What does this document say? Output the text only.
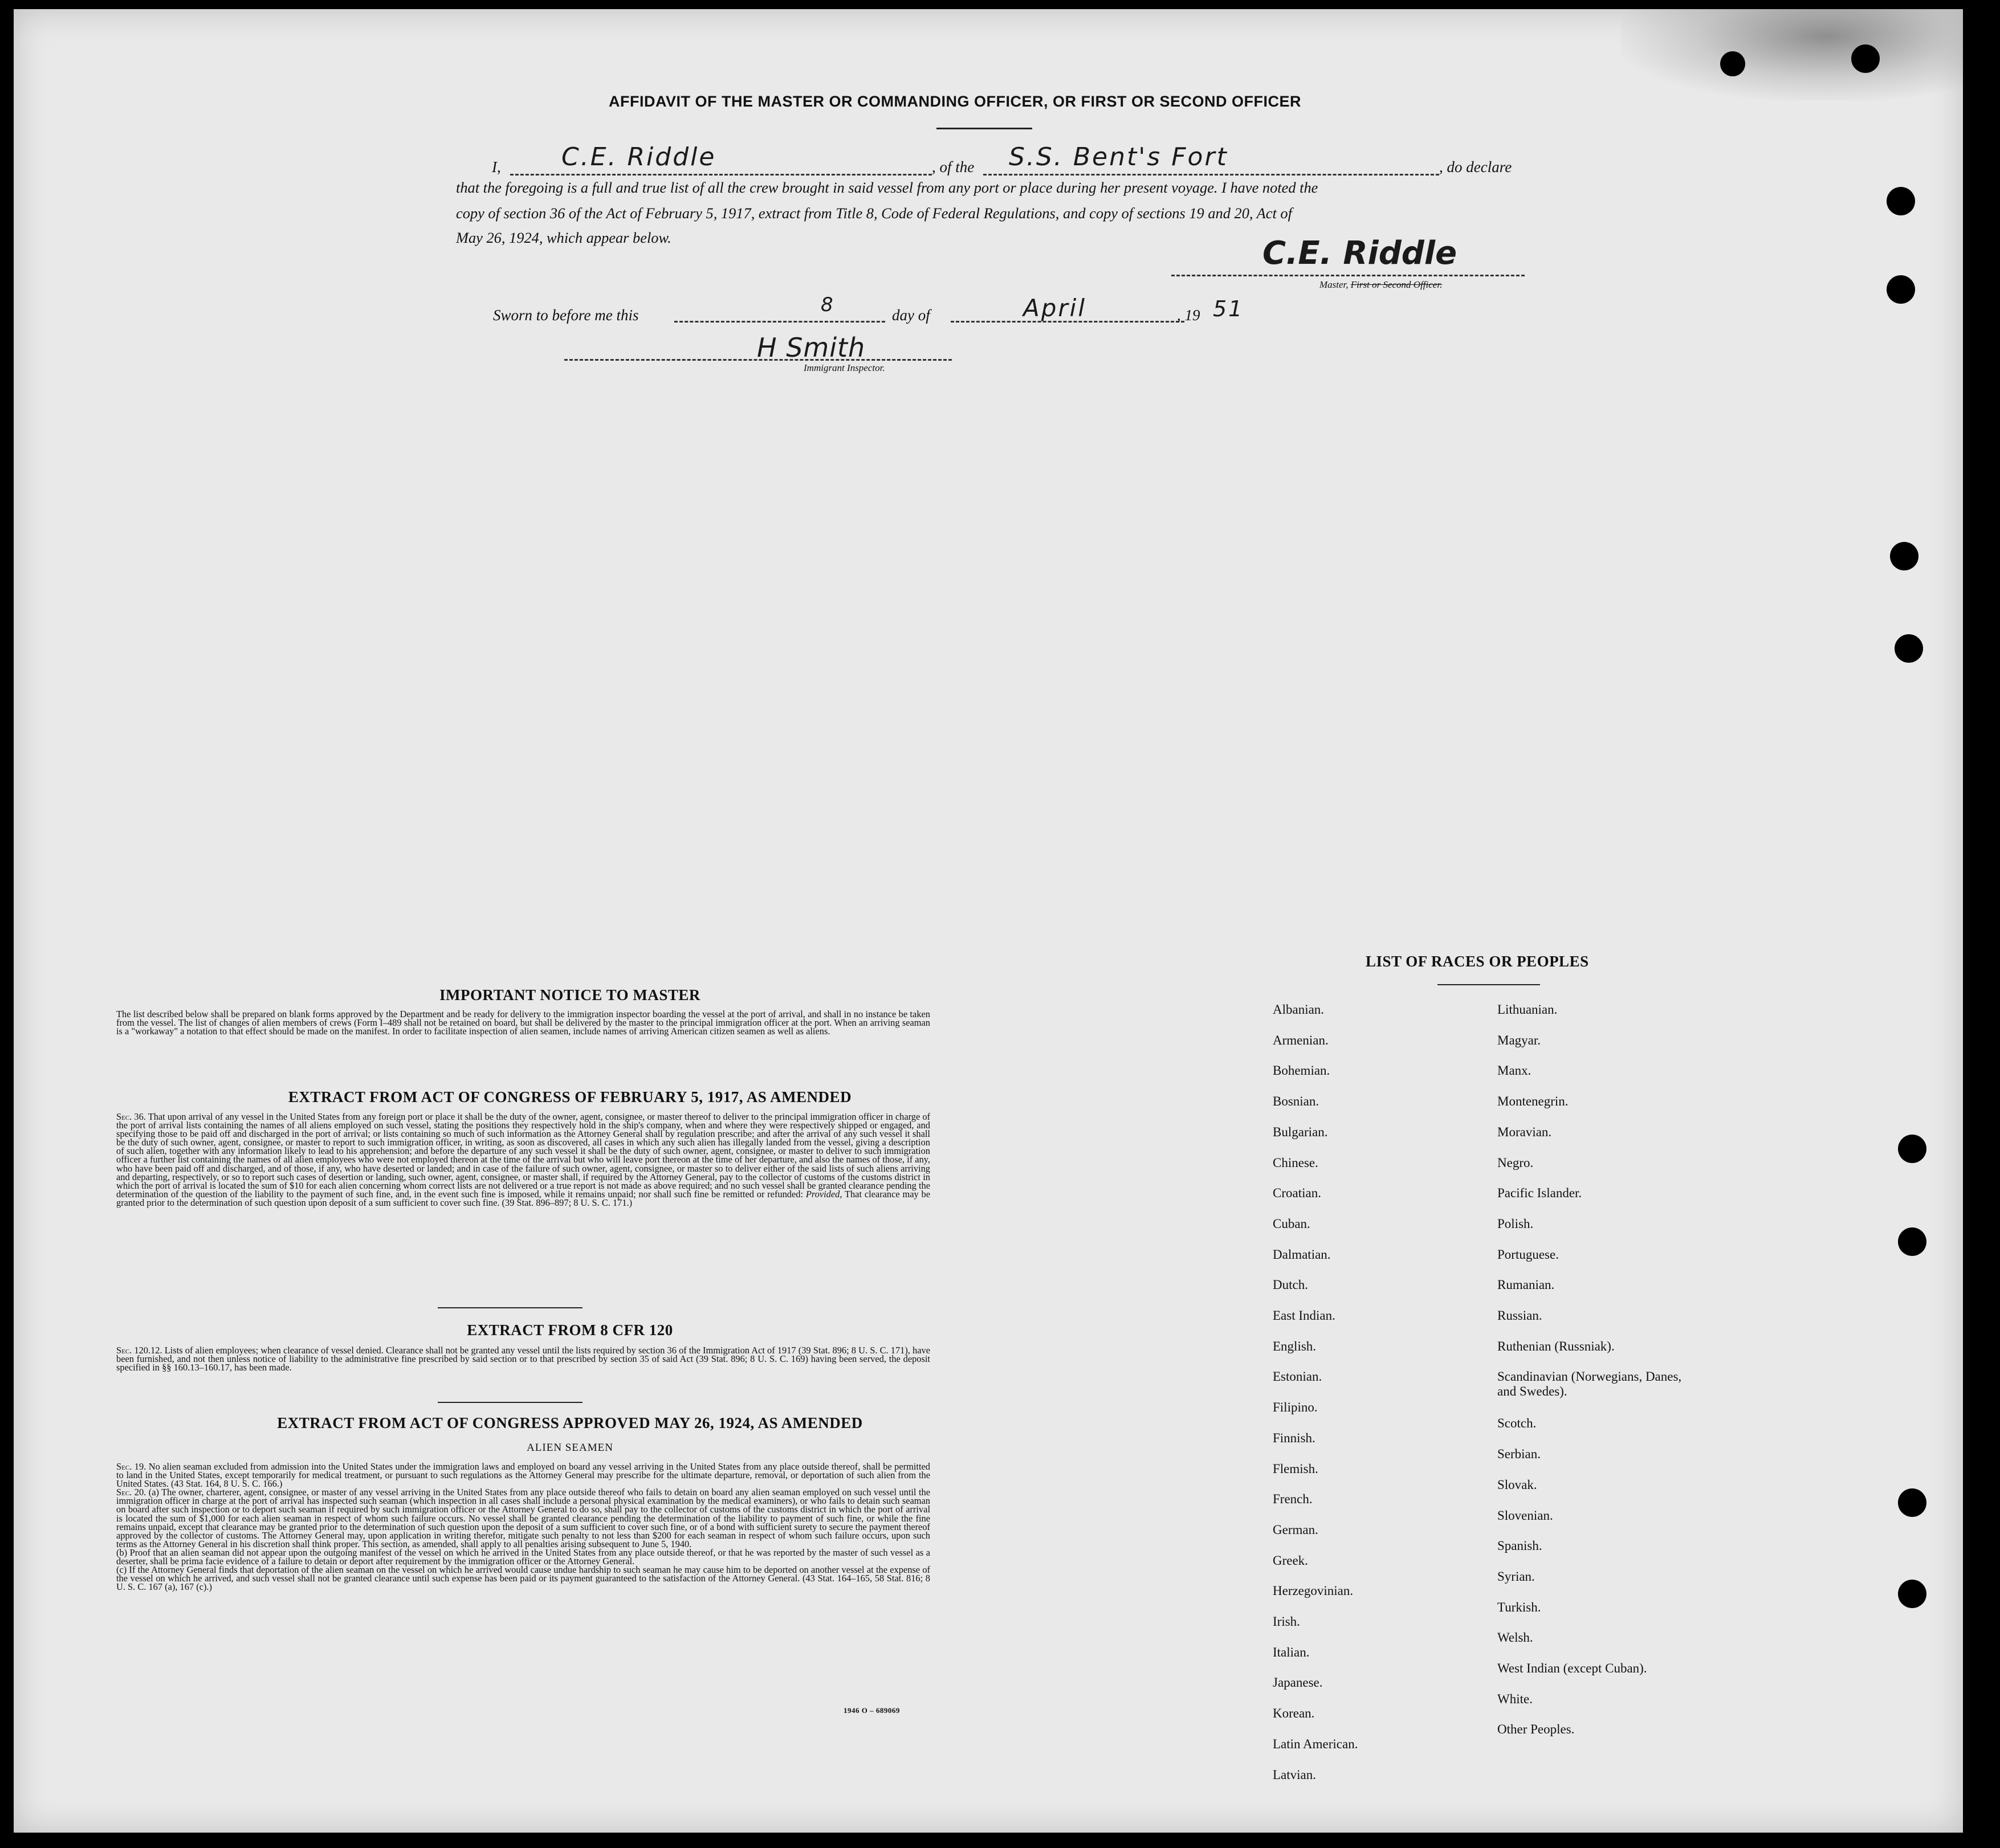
AFFIDAVIT OF THE MASTER OR COMMANDING OFFICER, OR FIRST OR SECOND OFFICER
I, C.E. Riddle	, of the S.S. Bent's Fort	, do declare
that the foregoing is a full and true list of all the crew brought in said vessel from any port or place during her present voyage. I have noted the
copy of section 36 of the Act of February 5, 1917, extract from Title 8, Code of Federal Regulations, and copy of sections 19 and 20, Act of
May 26, 1924, which appear below.	C.E. Riddle
Master, First or Second Officer.
Sworn to before me this	8	day of	April	, 19 51
H Smith
Immigrant Inspector.
IMPORTANT NOTICE TO MASTER
The list described below shall be prepared on blank forms approved by the Department and be ready for delivery to the immigration inspector boarding the vessel at the port of arrival, and shall in no instance be taken from the vessel. The list of changes of alien members of crews (Form I–489 shall not be retained on board, but shall be delivered by the master to the principal immigration officer at the port. When an arriving seaman is a "workaway" a notation to that effect should be made on the manifest. In order to facilitate inspection of alien seamen, include names of arriving American citizen seamen as well as aliens.
EXTRACT FROM ACT OF CONGRESS OF FEBRUARY 5, 1917, AS AMENDED
Sec. 36. That upon arrival of any vessel in the United States from any foreign port or place it shall be the duty of the owner, agent, consignee, or master thereof to deliver to the principal immigration officer in charge of the port of arrival lists containing the names of all aliens employed on such vessel, stating the positions they respectively hold in the ship's company, when and where they were respectively shipped or engaged, and specifying those to be paid off and discharged in the port of arrival; or lists containing so much of such information as the Attorney General shall by regulation prescribe; and after the arrival of any such vessel it shall be the duty of such owner, agent, consignee, or master to report to such immigration officer, in writing, as soon as discovered, all cases in which any such alien has illegally landed from the vessel, giving a description of such alien, together with any information likely to lead to his apprehension; and before the departure of any such vessel it shall be the duty of such owner, agent, consignee, or master to deliver to such immigration officer a further list containing the names of all alien employees who were not employed thereon at the time of the arrival but who will leave port thereon at the time of her departure, and also the names of those, if any, who have been paid off and discharged, and of those, if any, who have deserted or landed; and in case of the failure of such owner, agent, consignee, or master so to deliver either of the said lists of such aliens arriving and departing, respectively, or so to report such cases of desertion or landing, such owner, agent, consignee, or master shall, if required by the Attorney General, pay to the collector of customs of the customs district in which the port of arrival is located the sum of $10 for each alien concerning whom correct lists are not delivered or a true report is not made as above required; and no such vessel shall be granted clearance pending the determination of the question of the liability to the payment of such fine, and, in the event such fine is imposed, while it remains unpaid; nor shall such fine be remitted or refunded: Provided, That clearance may be granted prior to the determination of such question upon deposit of a sum sufficient to cover such fine. (39 Stat. 896–897; 8 U. S. C. 171.)
EXTRACT FROM 8 CFR 120
Sec. 120.12. Lists of alien employees; when clearance of vessel denied. Clearance shall not be granted any vessel until the lists required by section 36 of the Immigration Act of 1917 (39 Stat. 896; 8 U. S. C. 171), have been furnished, and not then unless notice of liability to the administrative fine prescribed by said section or to that prescribed by section 35 of said Act (39 Stat. 896; 8 U. S. C. 169) having been served, the deposit specified in §§ 160.13–160.17, has been made.
EXTRACT FROM ACT OF CONGRESS APPROVED MAY 26, 1924, AS AMENDED
ALIEN SEAMEN
Sec. 19. No alien seaman excluded from admission into the United States under the immigration laws and employed on board any vessel arriving in the United States from any place outside thereof, shall be permitted to land in the United States, except temporarily for medical treatment, or pursuant to such regulations as the Attorney General may prescribe for the ultimate departure, removal, or deportation of such alien from the United States. (43 Stat. 164, 8 U. S. C. 166.)
Sec. 20. (a) The owner, charterer, agent, consignee, or master of any vessel arriving in the United States from any place outside thereof who fails to detain on board any alien seaman employed on such vessel until the immigration officer in charge at the port of arrival has inspected such seaman (which inspection in all cases shall include a personal physical examination by the medical examiners), or who fails to detain such seaman on board after such inspection or to deport such seaman if required by such immigration officer or the Attorney General to do so, shall pay to the collector of customs of the customs district in which the port of arrival is located the sum of $1,000 for each alien seaman in respect of whom such failure occurs. No vessel shall be granted clearance pending the determination of the liability to payment of such fine, or while the fine remains unpaid, except that clearance may be granted prior to the determination of such question upon the deposit of a sum sufficient to cover such fine, or of a bond with sufficient surety to secure the payment thereof approved by the collector of customs. The Attorney General may, upon application in writing therefor, mitigate such penalty to not less than $200 for each seaman in respect of whom such failure occurs, upon such terms as the Attorney General in his discretion shall think proper. This section, as amended, shall apply to all penalties arising subsequent to June 5, 1940.
(b) Proof that an alien seaman did not appear upon the outgoing manifest of the vessel on which he arrived in the United States from any place outside thereof, or that he was reported by the master of such vessel as a deserter, shall be prima facie evidence of a failure to detain or deport after requirement by the immigration officer or the Attorney General.
(c) If the Attorney General finds that deportation of the alien seaman on the vessel on which he arrived would cause undue hardship to such seaman he may cause him to be deported on another vessel at the expense of the vessel on which he arrived, and such vessel shall not be granted clearance until such expense has been paid or its payment guaranteed to the satisfaction of the Attorney General. (43 Stat. 164–165, 58 Stat. 816; 8 U. S. C. 167 (a), 167 (c).)
1946 O – 689069
LIST OF RACES OR PEOPLES
Albanian.
Armenian.
Bohemian.
Bosnian.
Bulgarian.
Chinese.
Croatian.
Cuban.
Dalmatian.
Dutch.
East Indian.
English.
Estonian.
Filipino.
Finnish.
Flemish.
French.
German.
Greek.
Herzegovinian.
Irish.
Italian.
Japanese.
Korean.
Latin American.
Latvian.
Lithuanian.
Magyar.
Manx.
Montenegrin.
Moravian.
Negro.
Pacific Islander.
Polish.
Portuguese.
Rumanian.
Russian.
Ruthenian (Russniak).
Scandinavian (Norwegians, Danes, and Swedes).
Scotch.
Serbian.
Slovak.
Slovenian.
Spanish.
Syrian.
Turkish.
Welsh.
West Indian (except Cuban).
White.
Other Peoples.
